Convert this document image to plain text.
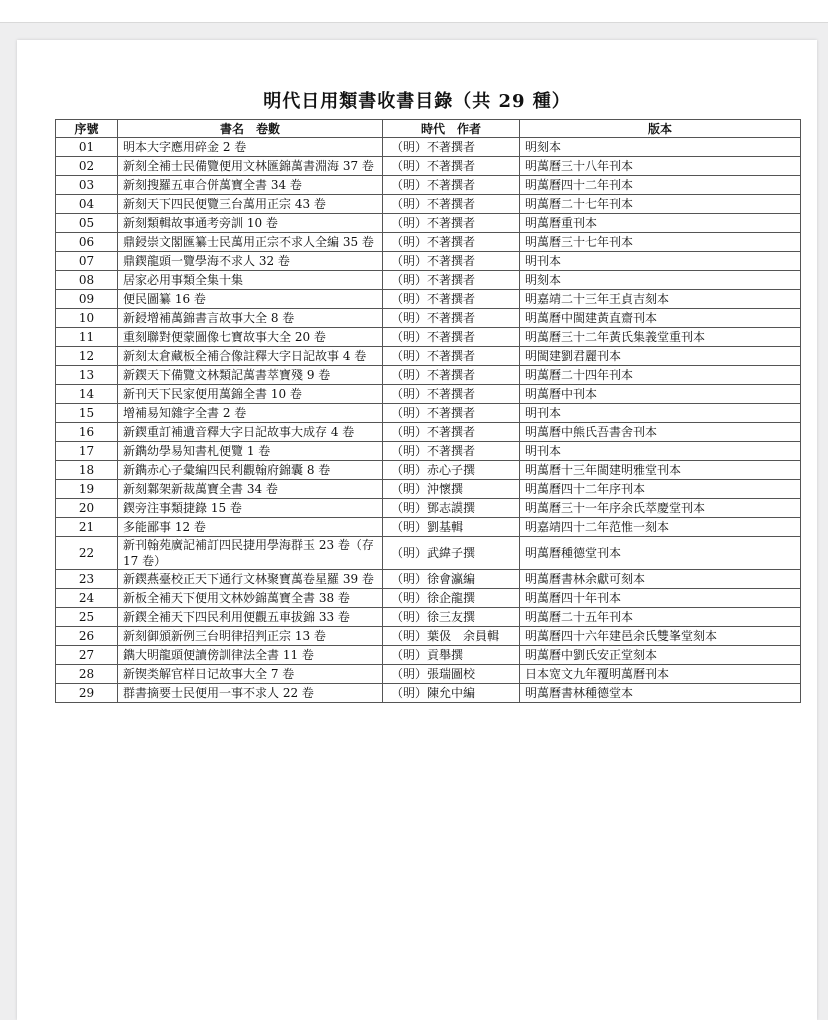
明代日用類書收書目錄（共 29 種）
序號	書名　卷數	時代　作者	版本
01	明本大字應用碎金 2 卷	（明）不著撰者	明刻本
02	新刻全補士民備覽便用文林匯錦萬書淵海 37 卷	（明）不著撰者	明萬曆三十八年刊本
03	新刻搜羅五車合併萬寶全書 34 卷	（明）不著撰者	明萬曆四十二年刊本
04	新刻天下四民便覽三台萬用正宗 43 卷	（明）不著撰者	明萬曆二十七年刊本
05	新刻類輯故事通考旁訓 10 卷	（明）不著撰者	明萬曆重刊本
06	鼎鋟崇文閣匯纂士民萬用正宗不求人全編 35 卷	（明）不著撰者	明萬曆三十七年刊本
07	鼎鍥龍頭一覽學海不求人 32 卷	（明）不著撰者	明刊本
08	居家必用事類全集十集	（明）不著撰者	明刻本
09	便民圖纂 16 卷	（明）不著撰者	明嘉靖二十三年王貞吉刻本
10	新鋟增補萬錦書言故事大全 8 卷	（明）不著撰者	明萬曆中閩建黃直齋刊本
11	重刻聯對便蒙圖像七寶故事大全 20 卷	（明）不著撰者	明萬曆三十二年黃氏集義堂重刊本
12	新刻太倉藏板全補合像註釋大字日記故事 4 卷	（明）不著撰者	明閩建劉君麗刊本
13	新鍥天下備覽文林類記萬書萃寶殘 9 卷	（明）不著撰者	明萬曆二十四年刊本
14	新刊天下民家便用萬錦全書 10 卷	（明）不著撰者	明萬曆中刊本
15	增補易知雜字全書 2 卷	（明）不著撰者	明刊本
16	新鍥重訂補遺音釋大字日記故事大成存 4 卷	（明）不著撰者	明萬曆中熊氏吾書舍刊本
17	新鐫幼學易知書札便覽 1 卷	（明）不著撰者	明刊本
18	新鐫赤心子彙編四民利觀翰府錦囊 8 卷	（明）赤心子撰	明萬曆十三年閩建明雅堂刊本
19	新刻鄴架新裁萬寶全書 34 卷	（明）沖懷撰	明萬曆四十二年序刊本
20	鍥旁注事類捷錄 15 卷	（明）鄧志謨撰	明萬曆三十一年序余氏萃慶堂刊本
21	多能鄙事 12 卷	（明）劉基輯	明嘉靖四十二年范惟一刻本
22	新刊翰苑廣記補訂四民捷用學海群玉 23 卷（存 17 卷）	（明）武緯子撰	明萬曆種德堂刊本
23	新鍥燕臺校正天下通行文林聚寶萬卷星羅 39 卷	（明）徐會瀛編	明萬曆書林余獻可刻本
24	新板全補天下便用文林妙錦萬寶全書 38 卷	（明）徐企龍撰	明萬曆四十年刊本
25	新鍥全補天下四民利用便觀五車拔錦 33 卷	（明）徐三友撰	明萬曆二十五年刊本
26	新刻御頒新例三台明律招判正宗 13 卷	（明）葉伋　余員輯	明萬曆四十六年建邑余氏雙峯堂刻本
27	鐫大明龍頭便讀傍訓律法全書 11 卷	（明）貢舉撰	明萬曆中劉氏安正堂刻本
28	新锲类解官样日记故事大全 7 卷	（明）張瑞圖校	日本宽文九年覆明萬曆刊本
29	群書摘要士民便用一事不求人 22 卷	（明）陳允中編	明萬曆書林種德堂本
